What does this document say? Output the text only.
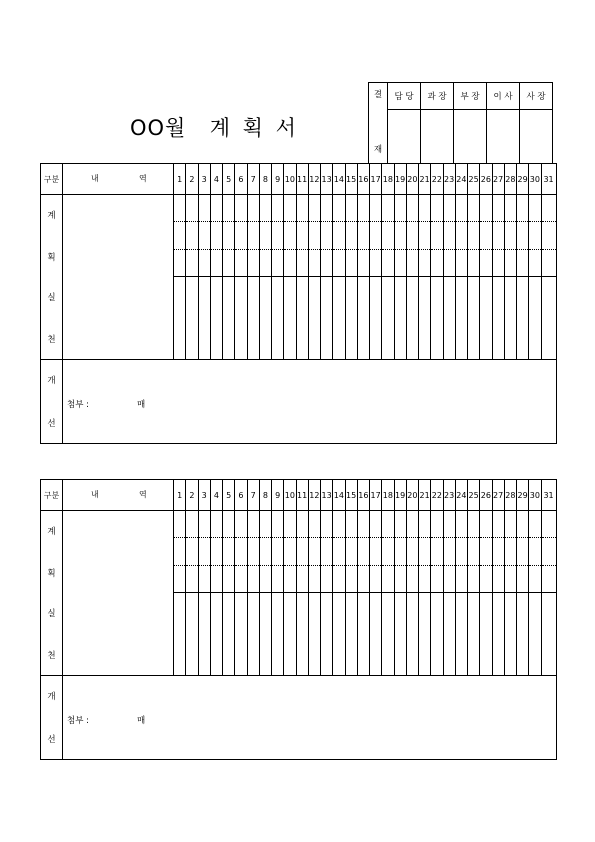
OO월  계 획 서
결
재	담 당	과 장	부 장	이 사	사 장

구분	내 역	1	2	3	4	5	6	7	8	9	10	11	12	13	14	15	16	17	18	19	20	21	22	23	24	25	26	27	28	29	30	31

계
획																																

실
천																																

개
선	첨부 : 매																															
구분	내 역	1	2	3	4	5	6	7	8	9	10	11	12	13	14	15	16	17	18	19	20	21	22	23	24	25	26	27	28	29	30	31

계
획																																

실
천																																

개
선	첨부 : 매																															
